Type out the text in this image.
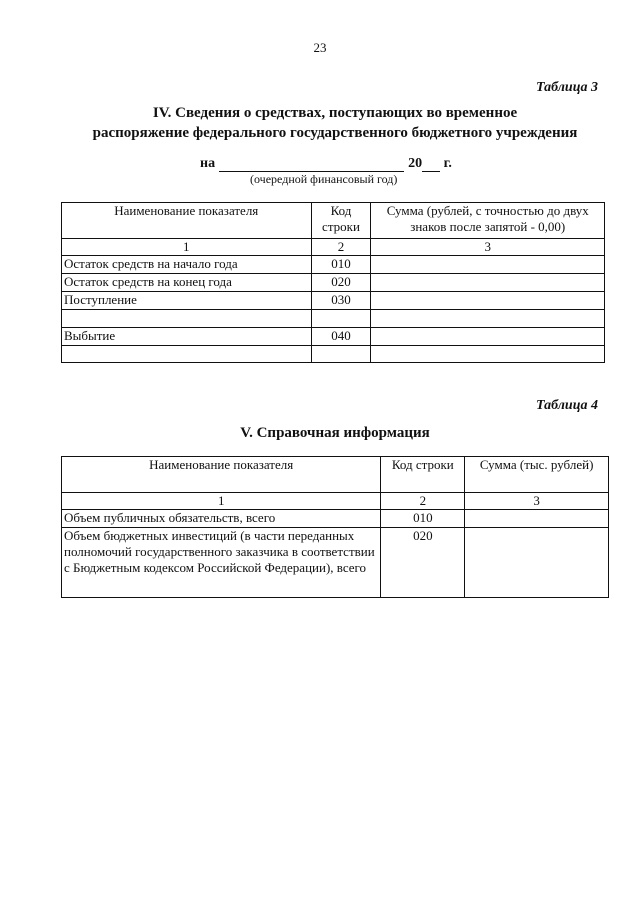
23
Таблица 3
IV. Сведения о средствах, поступающих во временное
распоряжение федерального государственного бюджетного учреждения
на	20 г.
(очередной финансовый год)
Наименование показателя	Код строки	Сумма (рублей, с точностью до двух знаков после запятой - 0,00)
1	2	3
Остаток средств на начало года	010	
Остаток средств на конец года	020	
Поступление	030	

Выбытие	040	

Таблица 4
V. Справочная информация
Наименование показателя	Код строки	Сумма (тыс. рублей)
1	2	3
Объем публичных обязательств, всего	010	
Объем бюджетных инвестиций (в части переданных полномочий государственного заказчика в соответствии с Бюджетным кодексом Российской Федерации), всего	020	
